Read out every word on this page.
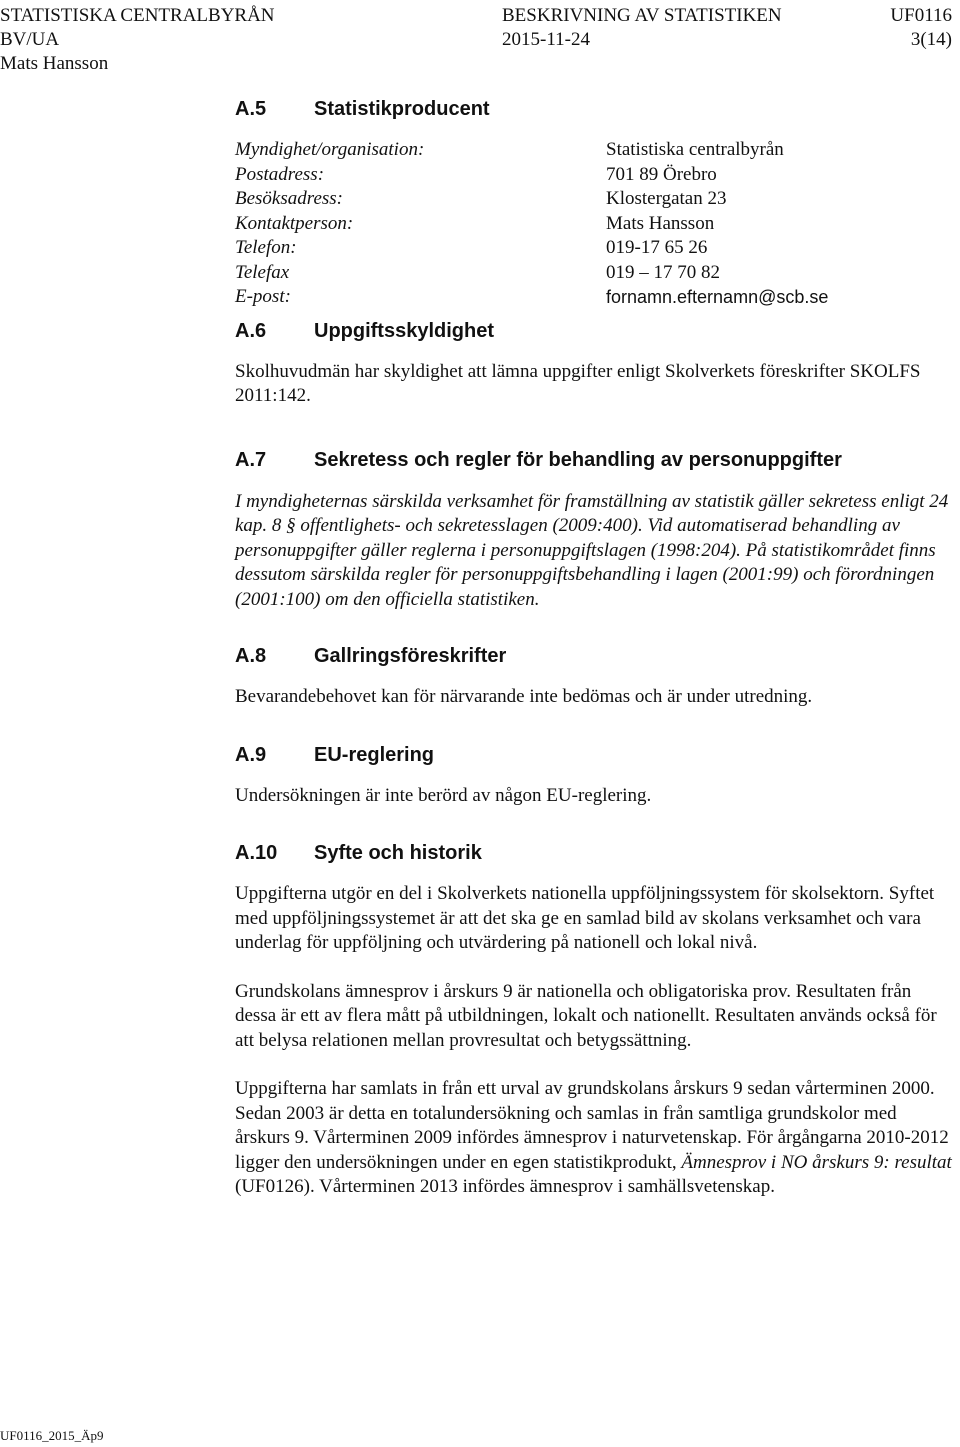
STATISTISKA CENTRALBYRÅN
BV/UA
Mats Hansson
BESKRIVNING AV STATISTIKEN
2015-11-24
UF0116
3(14)
A.5	Statistikproducent
Myndighet/organisation:	Statistiska centralbyrån
Postadress:	701 89 Örebro
Besöksadress:	Klostergatan 23
Kontaktperson:	Mats Hansson
Telefon:	019-17 65 26
Telefax	019 – 17 70 82
E-post:	fornamn.efternamn@scb.se
A.6	Uppgiftsskyldighet

Skolhuvudmän har skyldighet att lämna uppgifter enligt Skolverkets föreskrifter SKOLFS 2011:142.

A.7	Sekretess och regler för behandling av personuppgifter

I myndigheternas särskilda verksamhet för framställning av statistik gäller sekretess enligt 24 kap. 8 § offentlighets- och sekretesslagen (2009:400). Vid automatiserad behandling av personuppgifter gäller reglerna i personuppgiftslagen (1998:204). På statistikområdet finns dessutom särskilda regler för personuppgiftsbehandling i lagen (2001:99) och förordningen (2001:100) om den officiella statistiken.

A.8	Gallringsföreskrifter

Bevarandebehovet kan för närvarande inte bedömas och är under utredning.

A.9	EU-reglering

Undersökningen är inte berörd av någon EU-reglering.

A.10	Syfte och historik

Uppgifterna utgör en del i Skolverkets nationella uppföljningssystem för skolsektorn. Syftet med uppföljningssystemet är att det ska ge en samlad bild av skolans verksamhet och vara underlag för uppföljning och utvärdering på nationell och lokal nivå.

Grundskolans ämnesprov i årskurs 9 är nationella och obligatoriska prov. Resultaten från dessa är ett av flera mått på utbildningen, lokalt och nationellt. Resultaten används också för att belysa relationen mellan provresultat och betygssättning.

Uppgifterna har samlats in från ett urval av grundskolans årskurs 9 sedan vårterminen 2000. Sedan 2003 är detta en totalundersökning och samlas in från samtliga grundskolor med årskurs 9. Vårterminen 2009 infördes ämnesprov i naturvetenskap. För årgångarna 2010-2012 ligger den undersökningen under en egen statistikprodukt, Ämnesprov i NO årskurs 9: resultat (UF0126). Vårterminen 2013 infördes ämnesprov i samhällsvetenskap.

UF0116_2015_Äp9
